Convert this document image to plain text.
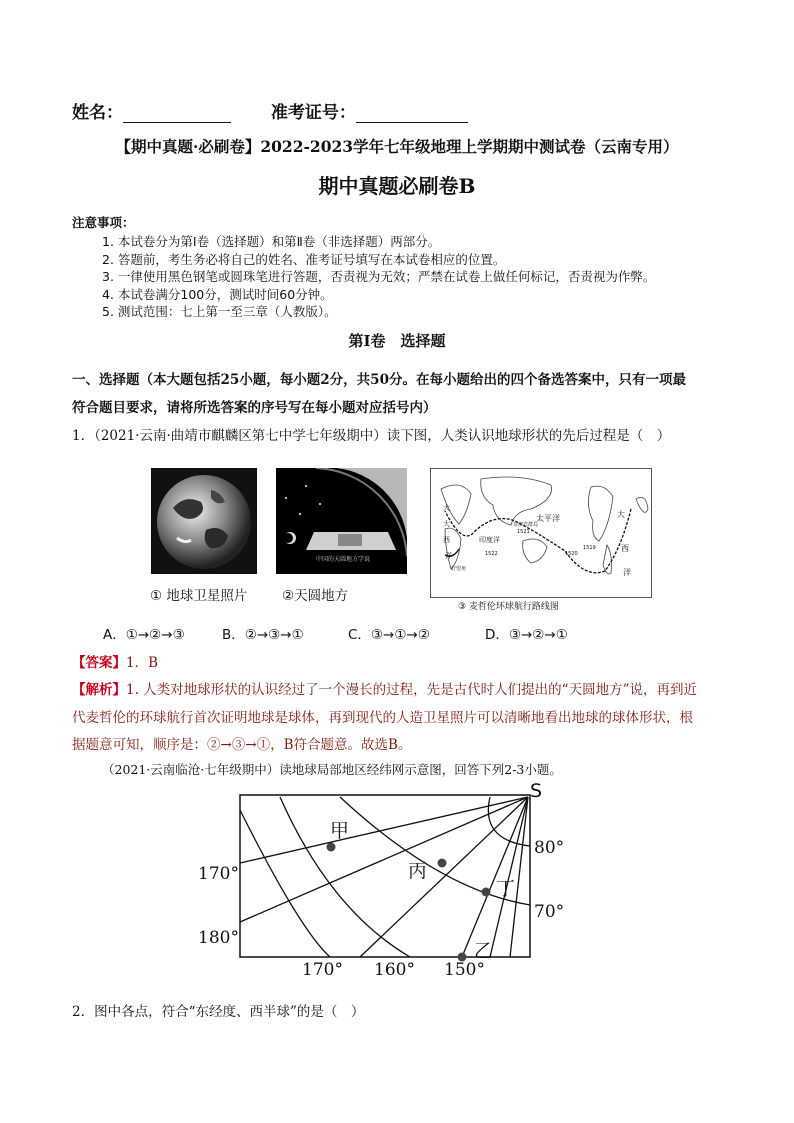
姓名：	准考证号：
【期中真题·必刷卷】2022-2023学年七年级地理上学期期中测试卷（云南专用）
期中真题必刷卷B
注意事项：
1. 本试卷分为第Ⅰ卷（选择题）和第Ⅱ卷（非选择题）两部分。
2. 答题前，考生务必将自己的姓名、准考证号填写在本试卷相应的位置。
3. 一律使用黑色钢笔或圆珠笔进行答题，否责视为无效；严禁在试卷上做任何标记，否责视为作弊。
4. 本试卷满分100分，测试时间60分钟。
5. 测试范围：七上第一至三章（人教版）。
第Ⅰ卷　选择题
一、选择题（本大题包括25小题，每小题2分，共50分。在每小题给出的四个备选答案中，只有一项最
符合题目要求，请将所选答案的序号写在每小题对应括号内）
1．（2021·云南·曲靖市麒麟区第七中学七年级期中）读下图，人类认识地球形状的先后过程是（　）
中国的天圆地方学说
① 地球卫星照片	②天圆地方
大
太平洋	大
西
洋
印度洋
西
洋
大	菲律宾群岛
1521
1519
1520
1522
好望角
③ 麦哲伦环球航行路线图
A．①→②→③	B．②→③→①	C．③→①→②	D．③→②→①
【答案】1．B
【解析】1. 人类对地球形状的认识经过了一个漫长的过程，先是古代时人们提出的“天圆地方”说，再到近
代麦哲伦的环球航行首次证明地球是球体，再到现代的人造卫星照片可以清晰地看出地球的球体形状，根
据题意可知，顺序是：②→③→①，B符合题意。故选B。
（2021·云南临沧·七年级期中）读地球局部地区经纬网示意图，回答下列2-3小题。
S
甲
丙
丁
乙
80°
70°
170°
180°
170° 160° 150°
2．图中各点，符合“东经度、西半球”的是（　）
